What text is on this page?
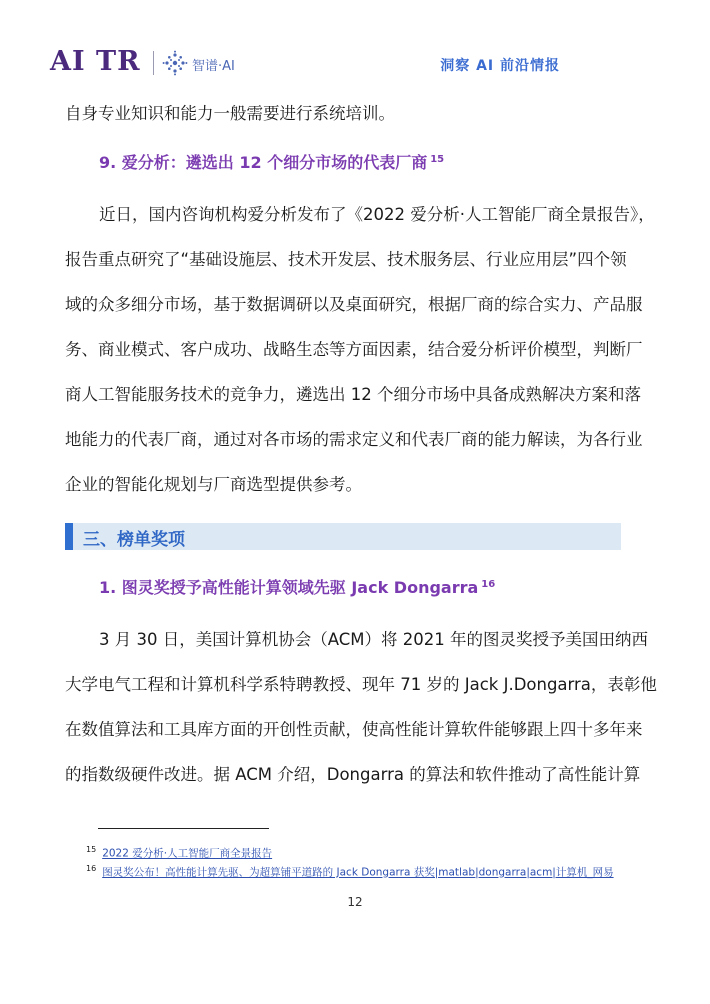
AI TR	智谱·AI	洞察 AI 前沿情报
自身专业知识和能力一般需要进行系统培训。
9. 爱分析：遴选出 12 个细分市场的代表厂商 $^{15}$
近日，国内咨询机构爱分析发布了《2022 爱分析·人工智能厂商全景报告》，
报告重点研究了“基础设施层、技术开发层、技术服务层、行业应用层”四个领
域的众多细分市场，基于数据调研以及桌面研究，根据厂商的综合实力、产品服
务、商业模式、客户成功、战略生态等方面因素，结合爱分析评价模型，判断厂
商人工智能服务技术的竞争力，遴选出 12 个细分市场中具备成熟解决方案和落
地能力的代表厂商，通过对各市场的需求定义和代表厂商的能力解读，为各行业
企业的智能化规划与厂商选型提供参考。
三、榜单奖项
1. 图灵奖授予高性能计算领域先驱 Jack Dongarra $^{16}$
3 月 30 日，美国计算机协会（ACM）将 2021 年的图灵奖授予美国田纳西
大学电气工程和计算机科学系特聘教授、现年 71 岁的 Jack J.Dongarra，表彰他
在数值算法和工具库方面的开创性贡献，使高性能计算软件能够跟上四十多年来
的指数级硬件改进。据 ACM 介绍，Dongarra 的算法和软件推动了高性能计算
$^{15}$ 2022 爱分析·人工智能厂商全景报告
$^{16}$ 图灵奖公布！高性能计算先驱、为超算铺平道路的 Jack Dongarra 获奖|matlab|dongarra|acm|计算机_网易
12
